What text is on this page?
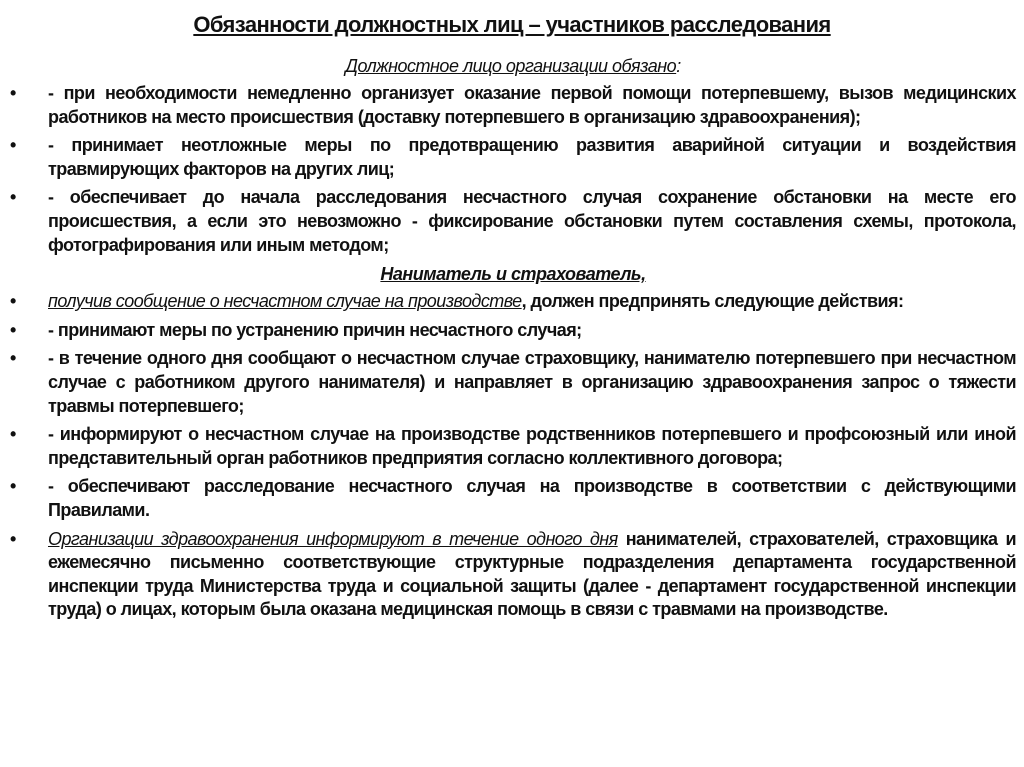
Обязанности должностных лиц – участников расследования
Должностное лицо организации обязано:
• - при необходимости немедленно организует оказание первой помощи потерпевшему, вызов медицинских работников на место происшествия (доставку потерпевшего в организацию здравоохранения);
• - принимает неотложные меры по предотвращению развития аварийной ситуации и воздействия травмирующих факторов на других лиц;
• - обеспечивает до начала расследования несчастного случая сохранение обстановки на месте его происшествия, а если это невозможно - фиксирование обстановки путем составления схемы, протокола, фотографирования или иным методом;
Наниматель и страхователь,
• получив сообщение о несчастном случае на производстве, должен предпринять следующие действия:
• - принимают меры по устранению причин несчастного случая;
• - в течение одного дня сообщают о несчастном случае страховщику, нанимателю потерпевшего при несчастном случае с работником другого нанимателя) и направляет в организацию здравоохранения запрос о тяжести травмы потерпевшего;
• - информируют о несчастном случае на производстве родственников потерпевшего и профсоюзный или иной представительный орган работников предприятия согласно коллективного договора;
• - обеспечивают расследование несчастного случая на производстве в соответствии с действующими Правилами.
• Организации здравоохранения информируют в течение одного дня нанимателей, страхователей, страховщика и ежемесячно письменно соответствующие структурные подразделения департамента государственной инспекции труда Министерства труда и социальной защиты (далее - департамент государственной инспекции труда) о лицах, которым была оказана медицинская помощь в связи с травмами на производстве.
